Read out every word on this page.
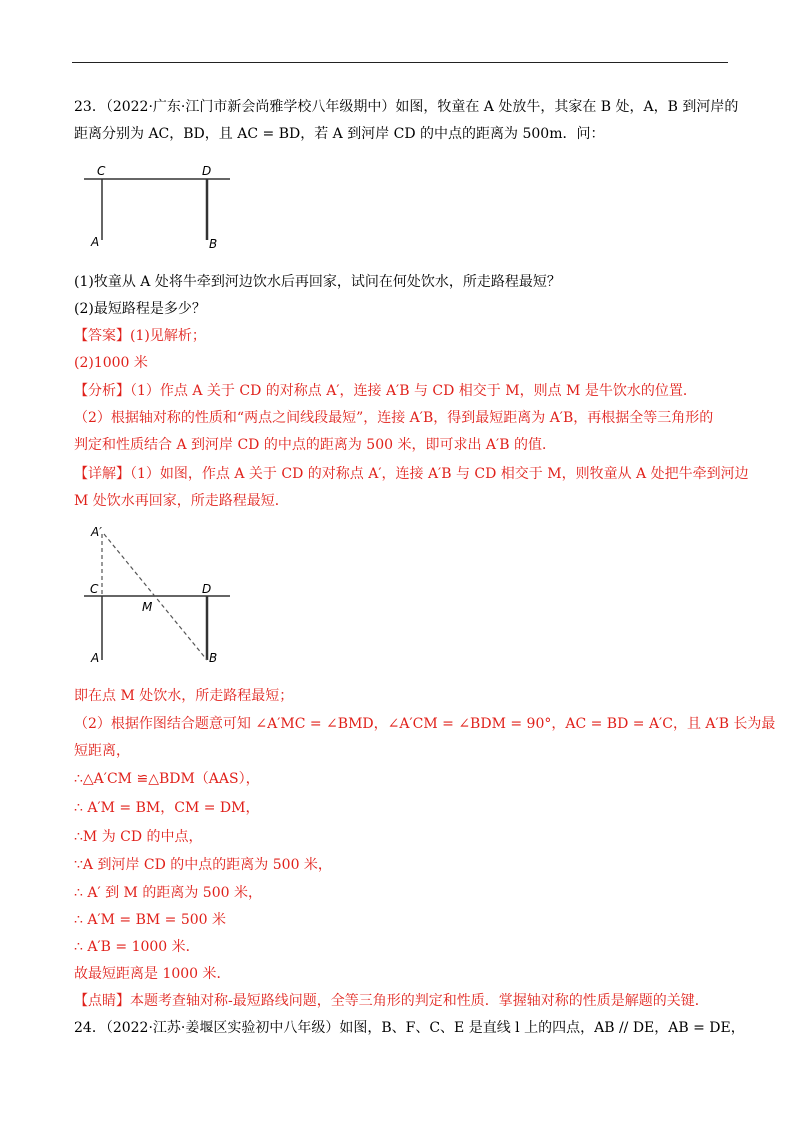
23．（2022·广东·江门市新会尚雅学校八年级期中）如图，牧童在 A 处放牛，其家在 B 处，A，B 到河岸的
距离分别为 AC，BD，且 AC = BD，若 A 到河岸 CD 的中点的距离为 500m．问：
C	D
A	B
(1)牧童从 A 处将牛牵到河边饮水后再回家，试问在何处饮水，所走路程最短？
(2)最短路程是多少？
【答案】(1)见解析；
(2)1000 米
【分析】（1）作点 A 关于 CD 的对称点 A′，连接 A′B 与 CD 相交于 M，则点 M 是牛饮水的位置．
（2）根据轴对称的性质和“两点之间线段最短”，连接 A′B，得到最短距离为 A′B，再根据全等三角形的
判定和性质结合 A 到河岸 CD 的中点的距离为 500 米，即可求出 A′B 的值．
【详解】（1）如图，作点 A 关于 CD 的对称点 A′，连接 A′B 与 CD 相交于 M，则牧童从 A 处把牛牵到河边
M 处饮水再回家，所走路程最短．
A′
C
M
D
A	B
即在点 M 处饮水，所走路程最短；
（2）根据作图结合题意可知 ∠A′MC = ∠BMD，∠A′CM = ∠BDM = 90°，AC = BD = A′C，且 A′B 长为最
短距离，
∴△A′CM ≌△BDM（AAS），
∴ A′M = BM，CM = DM，
∴M 为 CD 的中点，
∵A 到河岸 CD 的中点的距离为 500 米，
∴ A′ 到 M 的距离为 500 米，
∴ A′M = BM = 500 米
∴ A′B = 1000 米．
故最短距离是 1000 米．
【点睛】本题考查轴对称-最短路线问题，全等三角形的判定和性质．掌握轴对称的性质是解题的关键．
24．（2022·江苏·姜堰区实验初中八年级）如图，B、F、C、E 是直线 l 上的四点，AB // DE，AB = DE，
